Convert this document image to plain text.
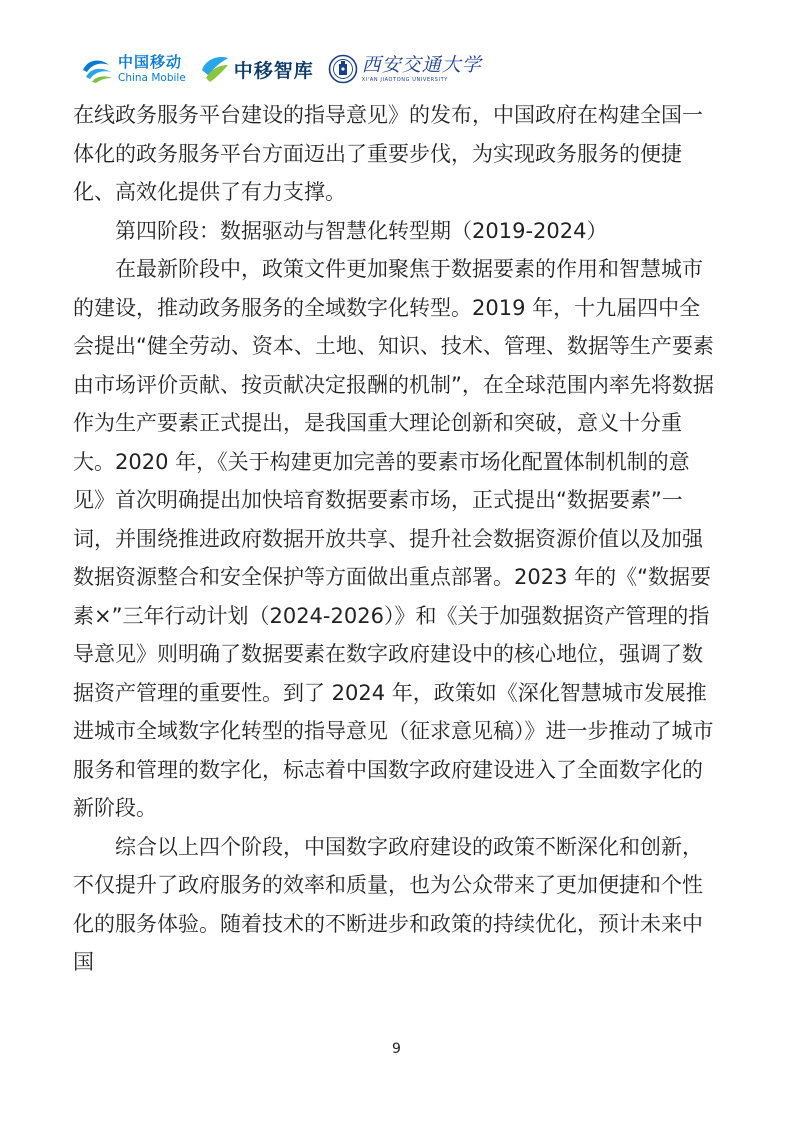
中国移动
China Mobile	中移智库	西安交通大学
XI'AN JIAOTONG UNIVERSITY

在线政务服务平台建设的指导意见》的发布，中国政府在构建全国一体化的政务服务平台方面迈出了重要步伐，为实现政务服务的便捷化、高效化提供了有力支撑。

第四阶段：数据驱动与智慧化转型期（2019-2024）

在最新阶段中，政策文件更加聚焦于数据要素的作用和智慧城市的建设，推动政务服务的全域数字化转型。2019 年，十九届四中全会提出“健全劳动、资本、土地、知识、技术、管理、数据等生产要素由市场评价贡献、按贡献决定报酬的机制”，在全球范围内率先将数据作为生产要素正式提出，是我国重大理论创新和突破，意义十分重大。2020 年，《关于构建更加完善的要素市场化配置体制机制的意见》首次明确提出加快培育数据要素市场，正式提出“数据要素”一词，并围绕推进政府数据开放共享、提升社会数据资源价值以及加强数据资源整合和安全保护等方面做出重点部署。2023 年的《“数据要素×”三年行动计划（2024-2026）》和《关于加强数据资产管理的指导意见》则明确了数据要素在数字政府建设中的核心地位，强调了数据资产管理的重要性。到了 2024 年，政策如《深化智慧城市发展推进城市全域数字化转型的指导意见（征求意见稿）》进一步推动了城市服务和管理的数字化，标志着中国数字政府建设进入了全面数字化的新阶段。

综合以上四个阶段，中国数字政府建设的政策不断深化和创新，不仅提升了政府服务的效率和质量，也为公众带来了更加便捷和个性化的服务体验。随着技术的不断进步和政策的持续优化，预计未来中国

9
